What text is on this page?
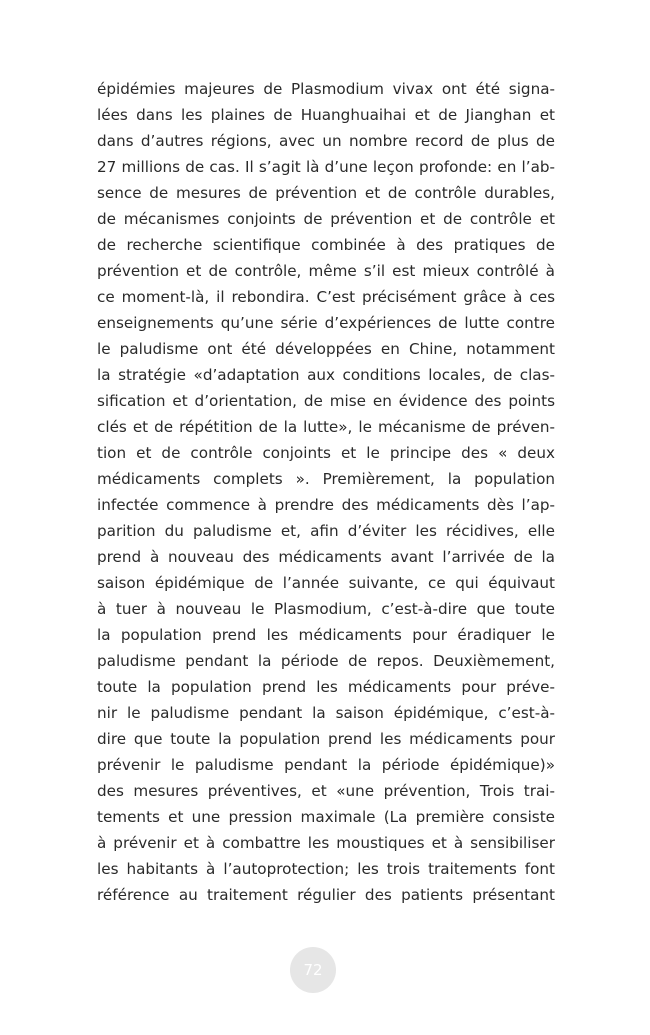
épidémies majeures de Plasmodium vivax ont été signa-
lées dans les plaines de Huanghuaihai et de Jianghan et
dans d’autres régions, avec un nombre record de plus de
27 millions de cas. Il s’agit là d’une leçon profonde: en l’ab-
sence de mesures de prévention et de contrôle durables,
de mécanismes conjoints de prévention et de contrôle et
de recherche scientifique combinée à des pratiques de
prévention et de contrôle, même s’il est mieux contrôlé à
ce moment-là, il rebondira. C’est précisément grâce à ces
enseignements qu’une série d’expériences de lutte contre
le paludisme ont été développées en Chine, notamment
la stratégie «d’adaptation aux conditions locales, de clas-
sification et d’orientation, de mise en évidence des points
clés et de répétition de la lutte», le mécanisme de préven-
tion et de contrôle conjoints et le principe des « deux
médicaments complets ». Premièrement, la population
infectée commence à prendre des médicaments dès l’ap-
parition du paludisme et, afin d’éviter les récidives, elle
prend à nouveau des médicaments avant l’arrivée de la
saison épidémique de l’année suivante, ce qui équivaut
à tuer à nouveau le Plasmodium, c’est-à-dire que toute
la population prend les médicaments pour éradiquer le
paludisme pendant la période de repos. Deuxièmement,
toute la population prend les médicaments pour préve-
nir le paludisme pendant la saison épidémique, c’est-à-
dire que toute la population prend les médicaments pour
prévenir le paludisme pendant la période épidémique)»
des mesures préventives, et «une prévention, Trois trai-
tements et une pression maximale (La première consiste
à prévenir et à combattre les moustiques et à sensibiliser
les habitants à l’autoprotection; les trois traitements font
référence au traitement régulier des patients présentant
72
